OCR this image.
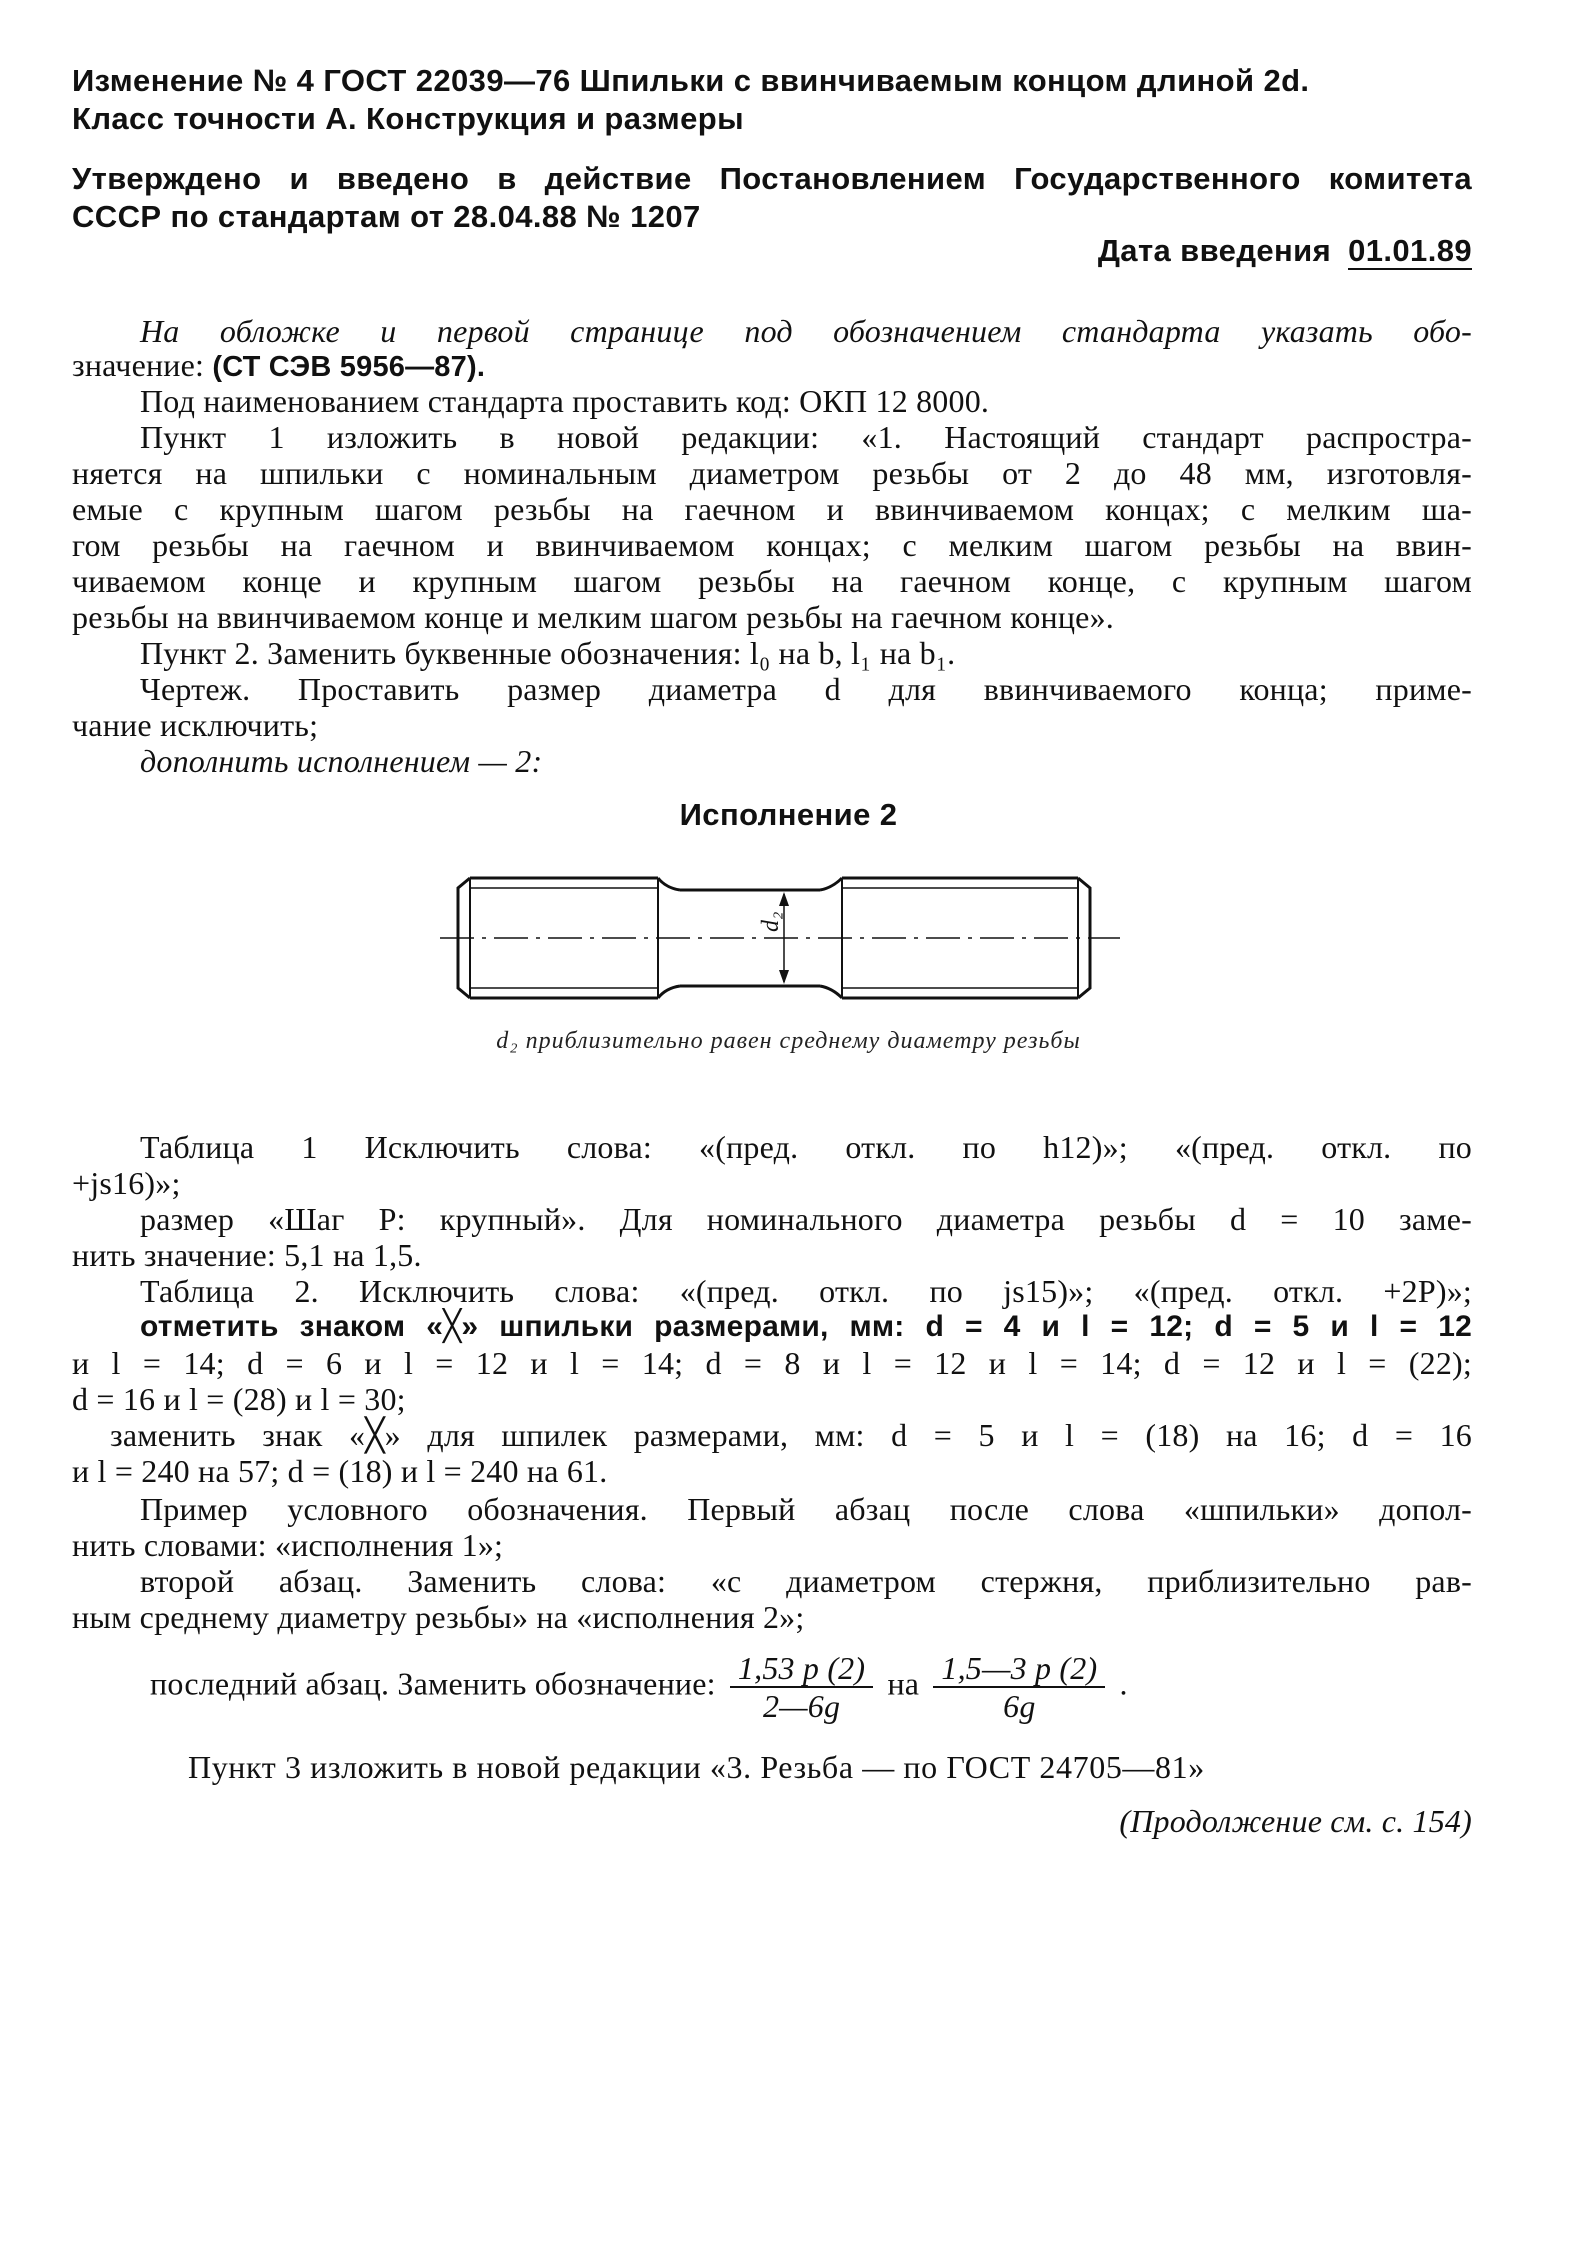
Изменение № 4 ГОСТ 22039—76 Шпильки с ввинчиваемым концом длиной 2d.
Класс точности А. Конструкция и размеры
Утверждено и введено в действие Постановлением Государственного комитета
СССР по стандартам от 28.04.88 № 1207
Дата введения 01.01.89
На обложке и первой странице под обозначением стандарта указать обо-
значение: (СТ СЭВ 5956—87).
Под наименованием стандарта проставить код: ОКП 12 8000.
Пункт 1 изложить в новой редакции: «1. Настоящий стандарт распростра-
няется на шпильки с номинальным диаметром резьбы от 2 до 48 мм, изготовля-
емые с крупным шагом резьбы на гаечном и ввинчиваемом концах; с мелким ша-
гом резьбы на гаечном и ввинчиваемом концах; с мелким шагом резьбы на ввин-
чиваемом конце и крупным шагом резьбы на гаечном конце, с крупным шагом
резьбы на ввинчиваемом конце и мелким шагом резьбы на гаечном конце».
Пункт 2. Заменить буквенные обозначения: l₀ на b, l₁ на b₁.
Чертеж. Проставить размер диаметра d для ввинчиваемого конца; приме-
чание исключить;
дополнить исполнением — 2:
Исполнение 2
d₂
d₂ приблизительно равен среднему диаметру резьбы
Таблица 1 Исключить слова: «(пред. откл. по h12)»; «(пред. откл. по
+js16)»;
размер «Шаг P: крупный». Для номинального диаметра резьбы d = 10 заме-
нить значение: 5,1 на 1,5.
Таблица 2. Исключить слова: «(пред. откл. по js15)»; «(пред. откл. +2P)»;
отметить знаком «╳» шпильки размерами, мм: d = 4 и l = 12; d = 5 и l = 12
и l = 14; d = 6 и l = 12 и l = 14; d = 8 и l = 12 и l = 14; d = 12 и l = (22);
d = 16 и l = (28) и l = 30;
заменить знак «╳» для шпилек размерами, мм: d = 5 и l = (18) на 16; d = 16
и l = 240 на 57; d = (18) и l = 240 на 61.
Пример условного обозначения. Первый абзац после слова «шпильки» допол-
нить словами: «исполнения 1»;
второй абзац. Заменить слова: «с диаметром стержня, приблизительно рав-
ным среднему диаметру резьбы» на «исполнения 2»;
последний абзац. Заменить обозначение: $\frac{1,53 p (2)}{2—6g}$ на $\frac{1,5—3 p (2)}{6g}$ .
Пункт 3 изложить в новой редакции «3. Резьба — по ГОСТ 24705—81»
(Продолжение см. с. 154)
